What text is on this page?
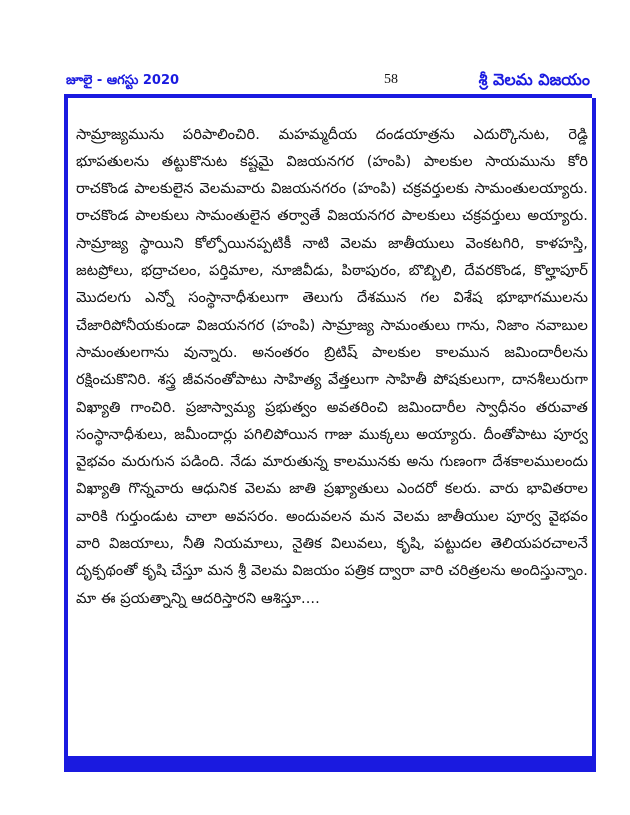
జూలై - ఆగస్టు 2020	58	శ్రీ వెలమ విజయం

సామ్రాజ్యమును పరిపాలించిరి. మహమ్మదీయ దండయాత్రను ఎదుర్కొనుట, రెడ్డి భూపతులను తట్టుకొనుట కష్టమై విజయనగర (హంపి) పాలకుల సాయమును కోరి రాచకొండ పాలకులైన వెలమవారు విజయనగరం (హంపి) చక్రవర్తులకు సామంతులయ్యారు. రాచకొండ పాలకులు సామంతులైన తర్వాతే విజయనగర పాలకులు చక్రవర్తులు అయ్యారు. సామ్రాజ్య స్థాయిని కోల్పోయినప్పటికీ నాటి వెలమ జాతీయులు వెంకటగిరి, కాళహస్తి, జటప్రోలు, భద్రాచలం, పర్తిమాల, నూజివీడు, పిఠాపురం, బొబ్బిలి, దేవరకొండ, కొల్హాపూర్ మొదలగు ఎన్నో సంస్థానాధీశులుగా తెలుగు దేశమున గల విశేష భూభాగములను చేజారిపోనీయకుండా విజయనగర (హంపి) సామ్రాజ్య సామంతులు గాను, నిజాం నవాబుల సామంతులగాను వున్నారు. అనంతరం బ్రిటిష్ పాలకుల కాలమున జమిందారీలను రక్షించుకొనిరి. శస్త్ర జీవనంతోపాటు సాహిత్య వేత్తలుగా సాహితీ పోషకులుగా, దానశీలురుగా విఖ్యాతి గాంచిరి. ప్రజాస్వామ్య ప్రభుత్వం అవతరించి జమిందారీల స్వాధీనం తరువాత సంస్థానాధీశులు, జమీందార్లు పగిలిపోయిన గాజు ముక్కలు అయ్యారు. దీంతోపాటు పూర్వ వైభవం మరుగున పడింది. నేడు మారుతున్న కాలమునకు అను గుణంగా దేశకాలములందు విఖ్యాతి గొన్నవారు ఆధునిక వెలమ జాతి ప్రఖ్యాతులు ఎందరో కలరు. వారు భావితరాల వారికి గుర్తుండుట చాలా అవసరం. అందువలన మన వెలమ జాతీయుల పూర్వ వైభవం వారి విజయాలు, నీతి నియమాలు, నైతిక విలువలు, కృషి, పట్టుదల తెలియపరచాలనే దృక్పథంతో కృషి చేస్తూ మన శ్రీ వెలమ విజయం పత్రిక ద్వారా వారి చరిత్రలను అందిస్తున్నాం. మా ఈ ప్రయత్నాన్ని ఆదరిస్తారని ఆశిస్తూ....
